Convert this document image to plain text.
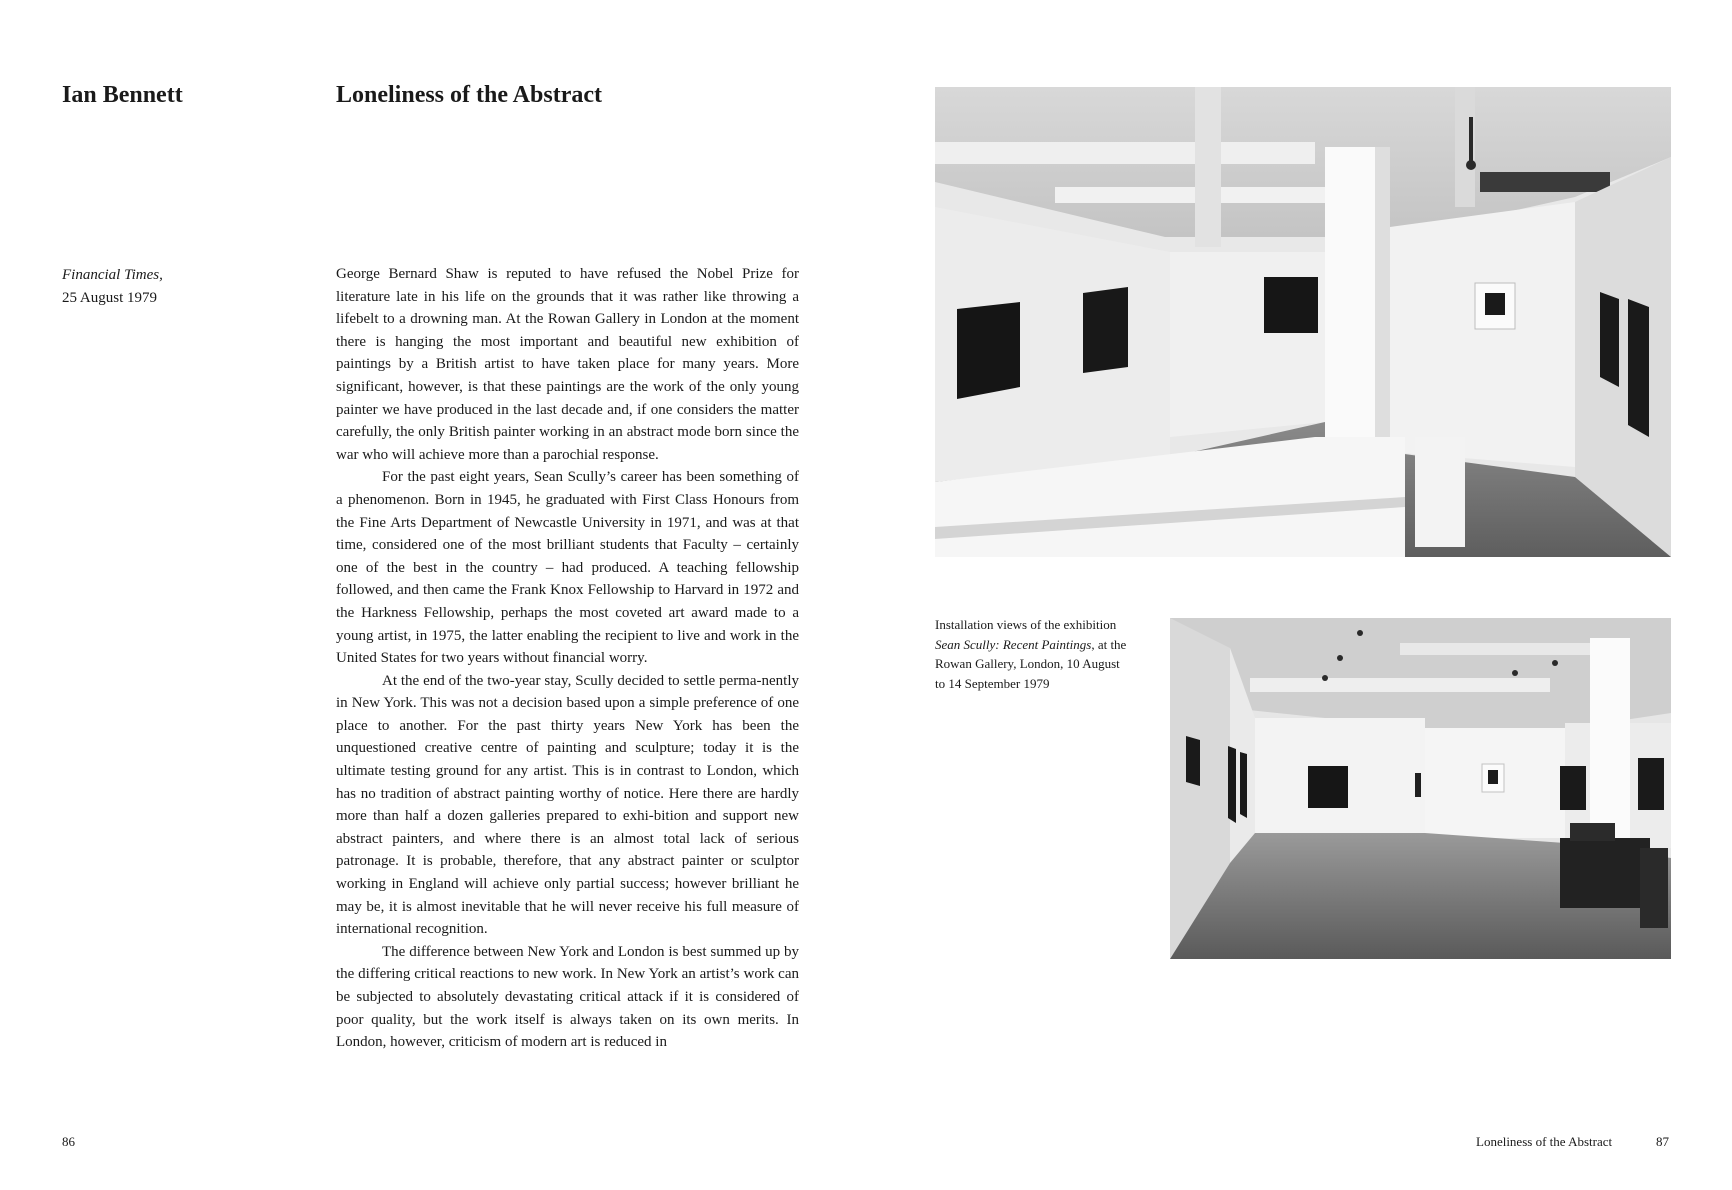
Ian Bennett	Loneliness of the Abstract
Financial Times,
25 August 1979

George Bernard Shaw is reputed to have refused the Nobel Prize for literature late in his life on the grounds that it was rather like throwing a lifebelt to a drowning man. At the Rowan Gallery in London at the moment there is hanging the most important and beautiful new exhibition of paintings by a British artist to have taken place for many years. More significant, however, is that these paintings are the work of the only young painter we have produced in the last decade and, if one considers the matter carefully, the only British painter working in an abstract mode born since the war who will achieve more than a parochial response.

For the past eight years, Sean Scully’s career has been something of a phenomenon. Born in 1945, he graduated with First Class Honours from the Fine Arts Department of Newcastle University in 1971, and was at that time, considered one of the most brilliant students that Faculty – certainly one of the best in the country – had produced. A teaching fellowship followed, and then came the Frank Knox Fellowship to Harvard in 1972 and the Harkness Fellowship, perhaps the most coveted art award made to a young artist, in 1975, the latter enabling the recipient to live and work in the United States for two years without financial worry.

At the end of the two-year stay, Scully decided to settle perma-nently in New York. This was not a decision based upon a simple preference of one place to another. For the past thirty years New York has been the unquestioned creative centre of painting and sculpture; today it is the ultimate testing ground for any artist. This is in contrast to London, which has no tradition of abstract painting worthy of notice. Here there are hardly more than half a dozen galleries prepared to exhi-bition and support new abstract painters, and where there is an almost total lack of serious patronage. It is probable, therefore, that any abstract painter or sculptor working in England will achieve only partial success; however brilliant he may be, it is almost inevitable that he will never receive his full measure of international recognition.

The difference between New York and London is best summed up by the differing critical reactions to new work. In New York an artist’s work can be subjected to absolutely devastating critical attack if it is considered of poor quality, but the work itself is always taken on its own merits. In London, however, criticism of modern art is reduced in

86
Installation views of the exhibition Sean Scully: Recent Paintings, at the Rowan Gallery, London, 10 August to 14 September 1979
Loneliness of the Abstract	87
